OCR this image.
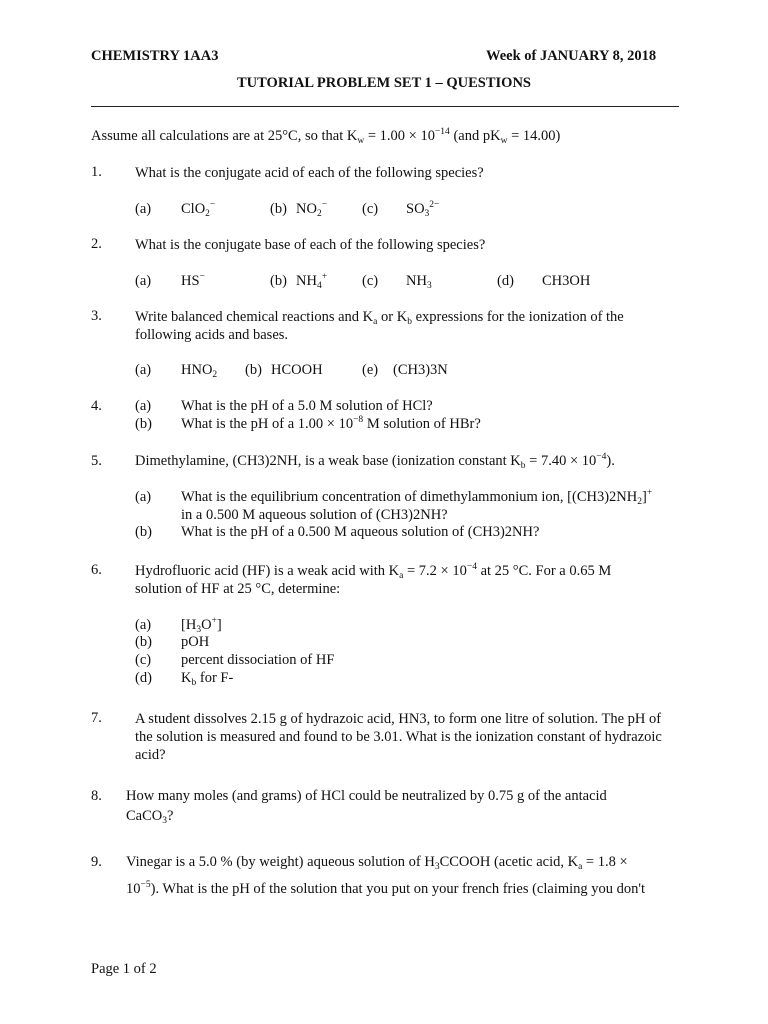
CHEMISTRY 1AA3	Week of JANUARY 8, 2018
TUTORIAL PROBLEM SET 1 – QUESTIONS
Assume all calculations are at 25°C, so that $K_w = 1.00 \times 10^{-14}$ (and $pK_w = 14.00$)
1. What is the conjugate acid of each of the following species?
(a) ClO$_2$−	(b) $NO_2^-$ (c) $SO_3^{2-}$
2. What is the conjugate base of each of the following species?
(a) HS−	(b) $NH_4^+$ (c) $NH_3$	(d) CH3OH
3. Write balanced chemical reactions and $K_a$ or $K_b$ expressions for the ionization of the following acids and bases.
(a) $HNO_2$ (b) HCOOH	(e) (CH3)3N
4. (a) What is the pH of a 5.0 M solution of HCl?
(b) What is the pH of a $1.00 \times 10^{-8}$ M solution of HBr?
5. Dimethylamine, (CH3)2NH, is a weak base (ionization constant $K_b = 7.40 \times 10^{-4}$).
(a) What is the equilibrium concentration of dimethylammonium ion, $[(CH3)2NH_2]^+$
in a 0.500 M aqueous solution of (CH3)2NH?
(b) What is the pH of a 0.500 M aqueous solution of (CH3)2NH?
6. Hydrofluoric acid (HF) is a weak acid with $K_a = 7.2 \times 10^{-4}$ at 25 °C. For a 0.65 M solution of HF at 25 °C, determine:
(a) $[H_3O^+]$
(b) pOH
(c) percent dissociation of HF
(d) $K_b$ for F-
7. A student dissolves 2.15 g of hydrazoic acid, HN3, to form one litre of solution. The pH of the solution is measured and found to be 3.01. What is the ionization constant of hydrazoic acid?
8. How many moles (and grams) of HCl could be neutralized by 0.75 g of the antacid
CaCO$_3$?
9. Vinegar is a 5.0 % (by weight) aqueous solution of $H_3CCOOH$ (acetic acid, $K_a = 1.8$ ×
$10^{-5}$). What is the pH of the solution that you put on your french fries (claiming you don't
Page 1 of 2
